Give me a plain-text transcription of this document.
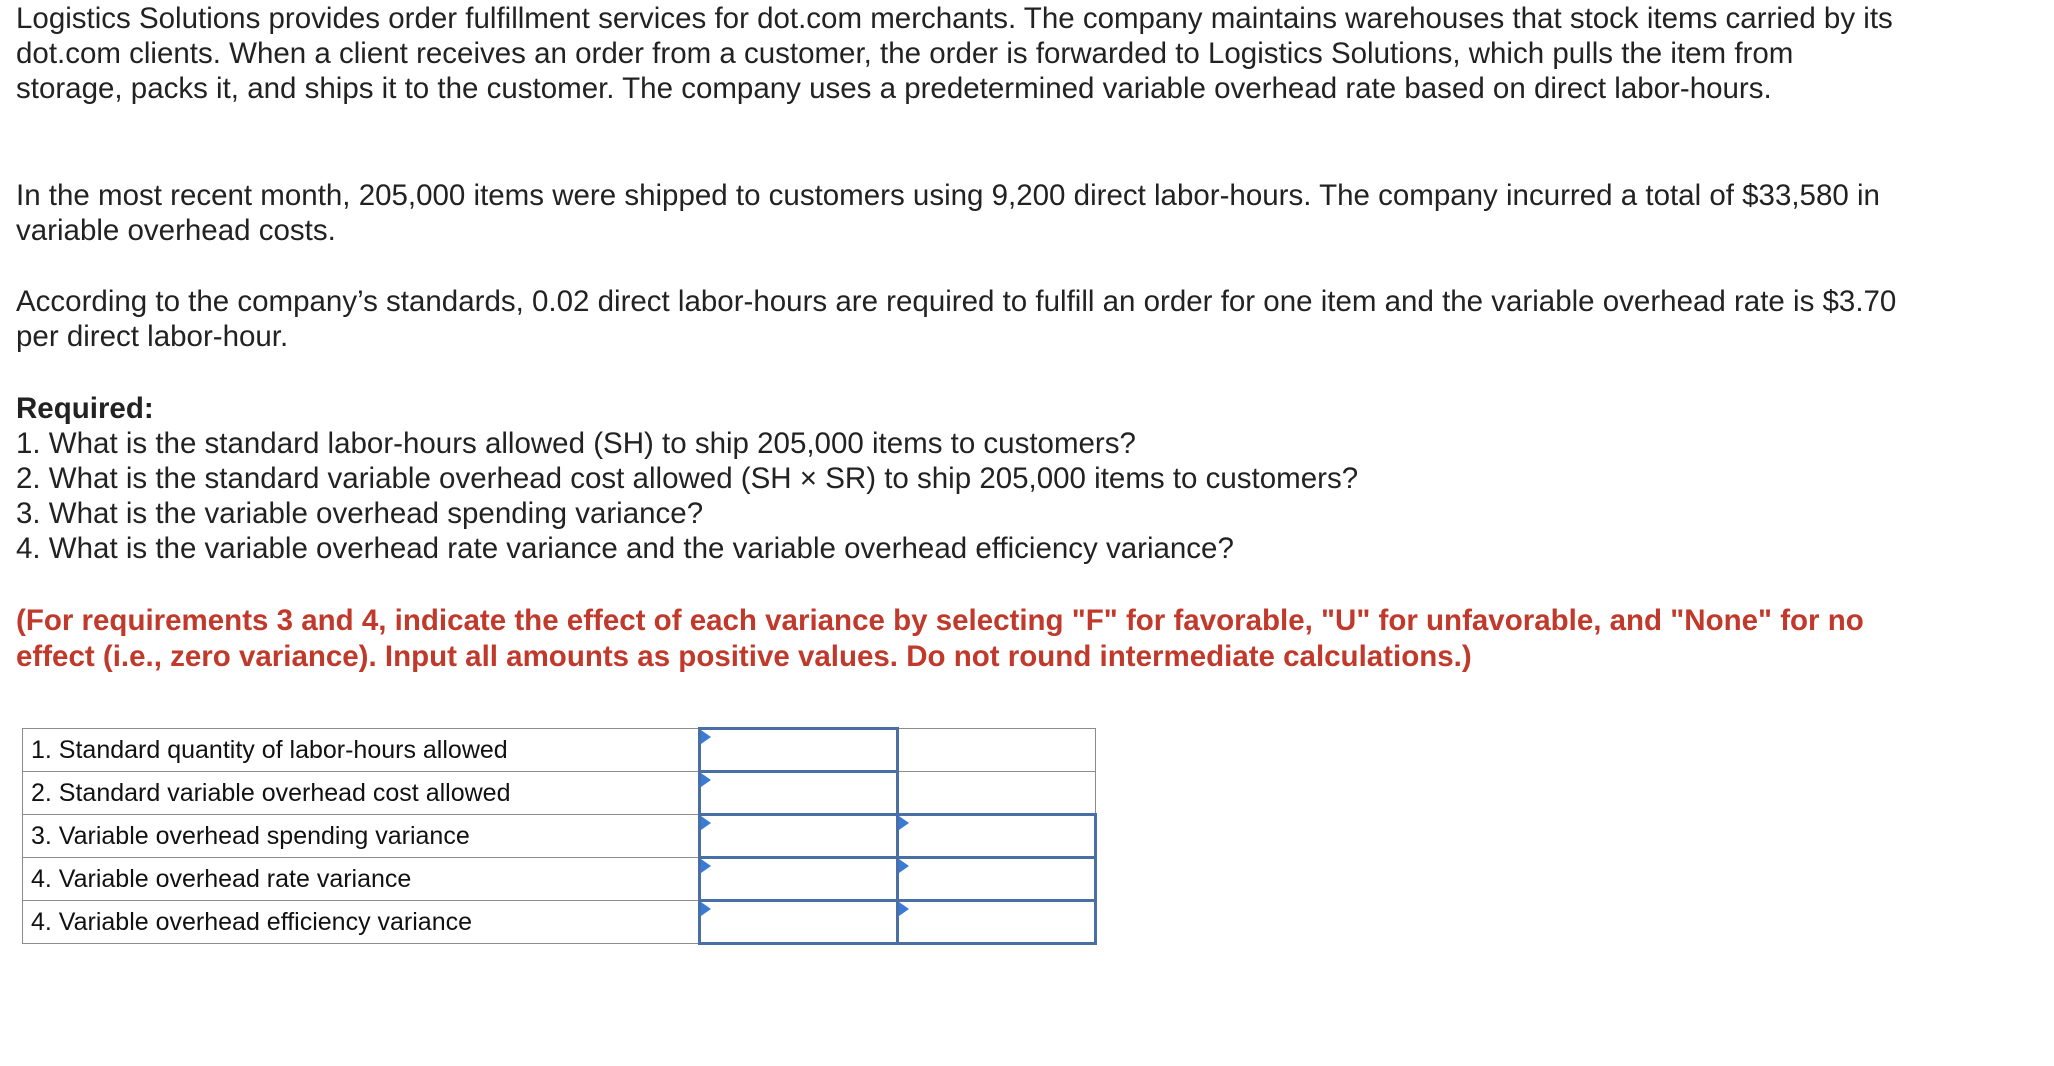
Logistics Solutions provides order fulfillment services for dot.com merchants. The company maintains warehouses that stock items carried by its dot.com clients. When a client receives an order from a customer, the order is forwarded to Logistics Solutions, which pulls the item from storage, packs it, and ships it to the customer. The company uses a predetermined variable overhead rate based on direct labor-hours.

In the most recent month, 205,000 items were shipped to customers using 9,200 direct labor-hours. The company incurred a total of $33,580 in variable overhead costs.

According to the company’s standards, 0.02 direct labor-hours are required to fulfill an order for one item and the variable overhead rate is $3.70 per direct labor-hour.

Required:

1. What is the standard labor-hours allowed (SH) to ship 205,000 items to customers?
2. What is the standard variable overhead cost allowed (SH × SR) to ship 205,000 items to customers?
3. What is the variable overhead spending variance?
4. What is the variable overhead rate variance and the variable overhead efficiency variance?

(For requirements 3 and 4, indicate the effect of each variance by selecting "F" for favorable, "U" for unfavorable, and "None" for no effect (i.e., zero variance). Input all amounts as positive values. Do not round intermediate calculations.)

1. Standard quantity of labor-hours allowed	

2. Standard variable overhead cost allowed	

3. Variable overhead spending variance	

4. Variable overhead rate variance	

4. Variable overhead efficiency variance	
